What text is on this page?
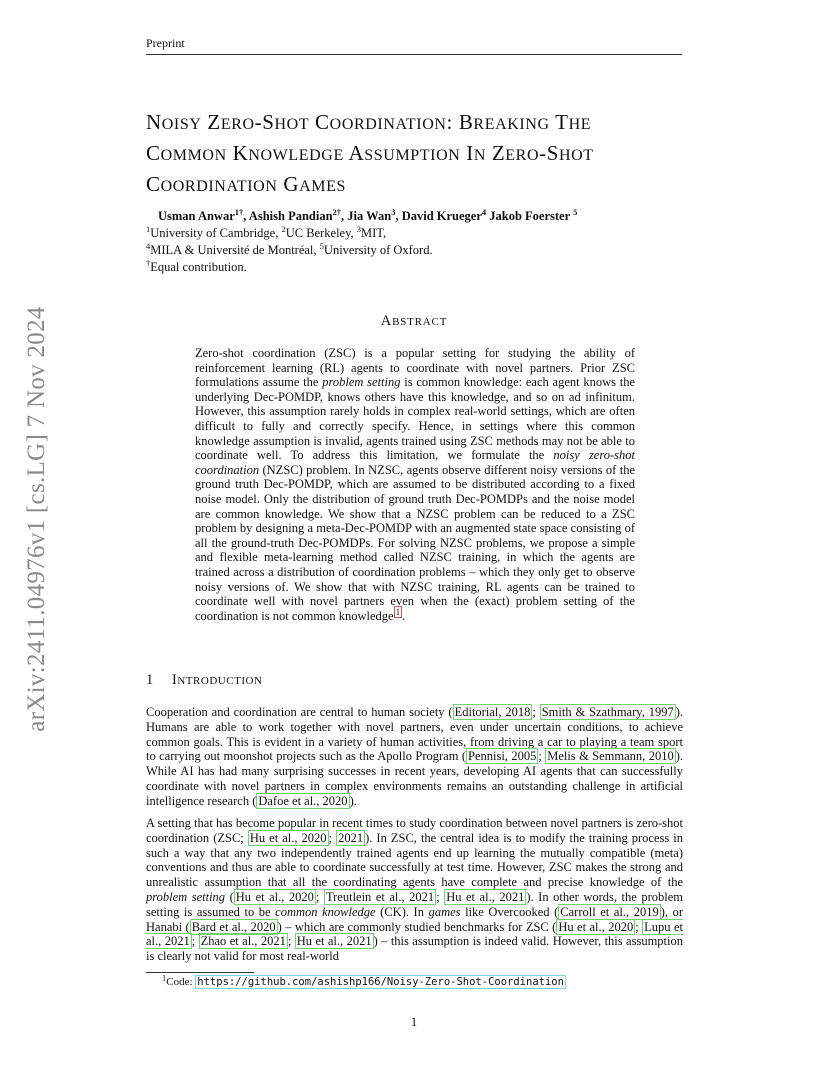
Preprint
arXiv:2411.04976v1 [cs.LG] 7 Nov 2024
NOISY ZERO-SHOT COORDINATION: BREAKING THE
COMMON KNOWLEDGE ASSUMPTION IN ZERO-SHOT
COORDINATION GAMES
Usman Anwar$^{1\dagger}$, Ashish Pandian$^{2\dagger}$, Jia Wan$^3$, David Krueger$^4$ Jakob Foerster $^5$
$^1$University of Cambridge, $^2$UC Berkeley, $^3$MIT,
$^4$MILA & Université de Montréal, $^5$University of Oxford.
†Equal contribution.
ABSTRACT
Zero-shot coordination (ZSC) is a popular setting for studying the ability of reinforcement learning (RL) agents to coordinate with novel partners. Prior ZSC formulations assume the problem setting is common knowledge: each agent knows the underlying Dec-POMDP, knows others have this knowledge, and so on ad infinitum. However, this assumption rarely holds in complex real-world settings, which are often difficult to fully and correctly specify. Hence, in settings where this common knowledge assumption is invalid, agents trained using ZSC methods may not be able to coordinate well. To address this limitation, we formulate the noisy zero-shot coordination (NZSC) problem. In NZSC, agents observe different noisy versions of the ground truth Dec-POMDP, which are assumed to be distributed according to a fixed noise model. Only the distribution of ground truth Dec-POMDPs and the noise model are common knowledge. We show that a NZSC problem can be reduced to a ZSC problem by designing a meta-Dec-POMDP with an augmented state space consisting of all the ground-truth Dec-POMDPs. For solving NZSC problems, we propose a simple and flexible meta-learning method called NZSC training, in which the agents are trained across a distribution of coordination problems – which they only get to observe noisy versions of. We show that with NZSC training, RL agents can be trained to coordinate well with novel partners even when the (exact) problem setting of the coordination is not common knowledge $^1$ .
1 INTRODUCTION
Cooperation and coordination are central to human society ( Editorial, 2018 ; Smith & Szathmary, 1997 ). Humans are able to work together with novel partners, even under uncertain conditions, to achieve common goals. This is evident in a variety of human activities, from driving a car to playing a team sport to carrying out moonshot projects such as the Apollo Program ( Pennisi, 2005 ; Melis & Semmann, 2010 ). While AI has had many surprising successes in recent years, developing AI agents that can successfully coordinate with novel partners in complex environments remains an outstanding challenge in artificial intelligence research ( Dafoe et al., 2020 ).
A setting that has become popular in recent times to study coordination between novel partners is zero-shot coordination (ZSC; Hu et al., 2020 ; 2021 ). In ZSC, the central idea is to modify the training process in such a way that any two independently trained agents end up learning the mutually compatible (meta) conventions and thus are able to coordinate successfully at test time. However, ZSC makes the strong and unrealistic assumption that all the coordinating agents have complete and precise knowledge of the problem setting ( Hu et al., 2020 ; Treutlein et al., 2021 ; Hu et al., 2021 ). In other words, the problem setting is assumed to be common knowledge (CK). In games like Overcooked ( Carroll et al., 2019 ), or Hanabi ( Bard et al., 2020 ) – which are commonly studied benchmarks for ZSC ( Hu et al., 2020 ; Lupu et al., 2021 ; Zhao et al., 2021 ; Hu et al., 2021 ) – this assumption is indeed valid. However, this assumption is clearly not valid for most real-world
$^1$Code: https://github.com/ashishp166/Noisy-Zero-Shot-Coordination
1
